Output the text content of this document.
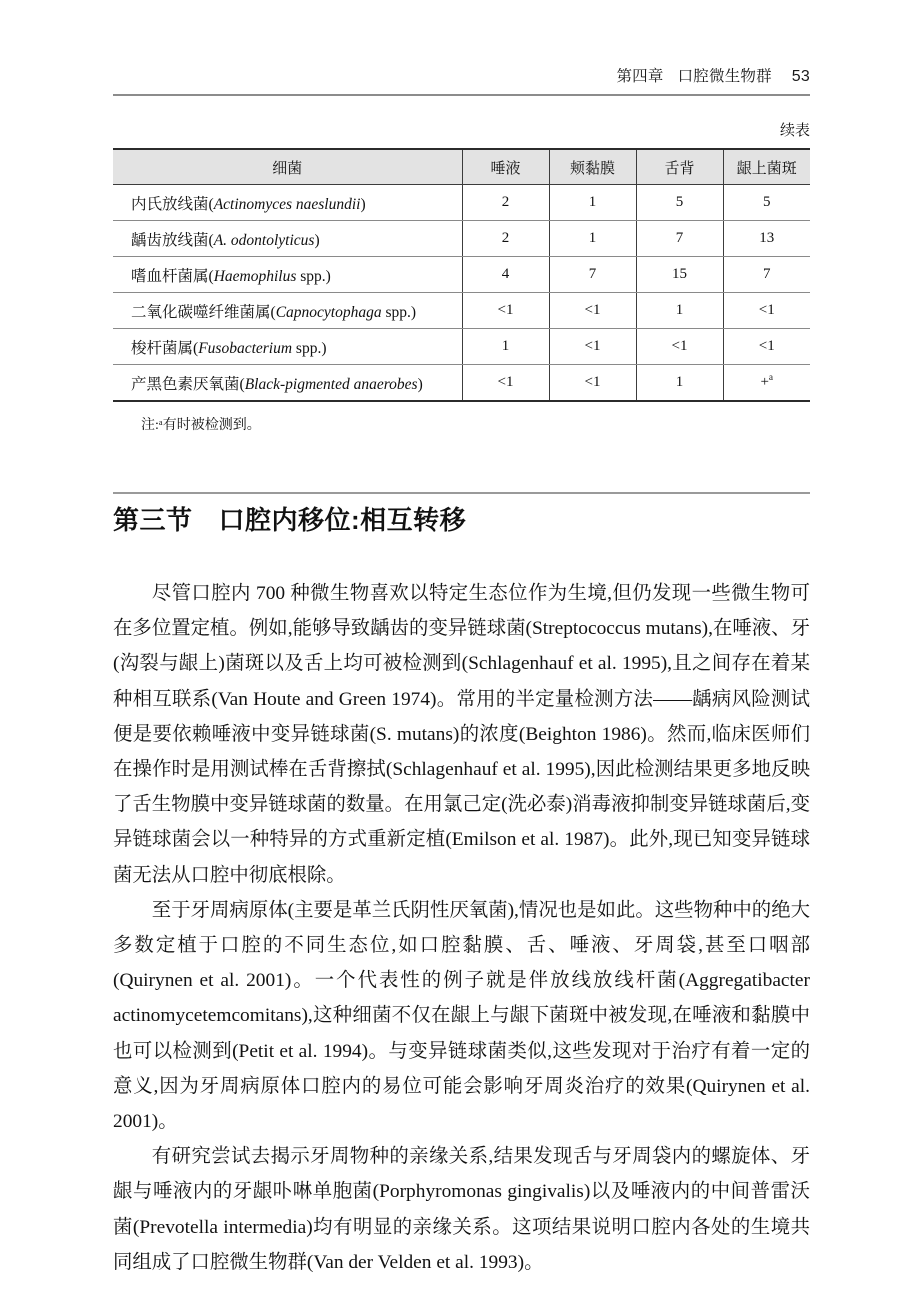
第四章 口腔微生物群 53
续表
细菌	唾液	颊黏膜	舌背	龈上菌斑
内氏放线菌(Actinomyces naeslundii)	2	1	5	5
龋齿放线菌(A. odontolyticus)	2	1	7	13
嗜血杆菌属(Haemophilus spp.)	4	7	15	7
二氧化碳噬纤维菌属(Capnocytophaga spp.)	<1	<1	1	<1
梭杆菌属(Fusobacterium spp.)	1	<1	<1	<1
产黑色素厌氧菌(Black-pigmented anaerobes)	<1	<1	1	+$^a$
注:ᵃ有时被检测到。
第三节 口腔内移位:相互转移

尽管口腔内 700 种微生物喜欢以特定生态位作为生境,但仍发现一些微生物可在多位置定植。例如,能够导致龋齿的变异链球菌(Streptococcus mutans),在唾液、牙(沟裂与龈上)菌斑以及舌上均可被检测到(Schlagenhauf et al. 1995),且之间存在着某种相互联系(Van Houte and Green 1974)。常用的半定量检测方法——龋病风险测试便是要依赖唾液中变异链球菌(S. mutans)的浓度(Beighton 1986)。然而,临床医师们在操作时是用测试棒在舌背擦拭(Schlagenhauf et al. 1995),因此检测结果更多地反映了舌生物膜中变异链球菌的数量。在用氯己定(洗必泰)消毒液抑制变异链球菌后,变异链球菌会以一种特异的方式重新定植(Emilson et al. 1987)。此外,现已知变异链球菌无法从口腔中彻底根除。

至于牙周病原体(主要是革兰氏阴性厌氧菌),情况也是如此。这些物种中的绝大多数定植于口腔的不同生态位,如口腔黏膜、舌、唾液、牙周袋,甚至口咽部(Quirynen et al. 2001)。一个代表性的例子就是伴放线放线杆菌(Aggregatibacter actinomycetemcomitans),这种细菌不仅在龈上与龈下菌斑中被发现,在唾液和黏膜中也可以检测到(Petit et al. 1994)。与变异链球菌类似,这些发现对于治疗有着一定的意义,因为牙周病原体口腔内的易位可能会影响牙周炎治疗的效果(Quirynen et al. 2001)。

有研究尝试去揭示牙周物种的亲缘关系,结果发现舌与牙周袋内的螺旋体、牙龈与唾液内的牙龈卟啉单胞菌(Porphyromonas gingivalis)以及唾液内的中间普雷沃菌(Prevotella intermedia)均有明显的亲缘关系。这项结果说明口腔内各处的生境共同组成了口腔微生物群(Van der Velden et al. 1993)。
